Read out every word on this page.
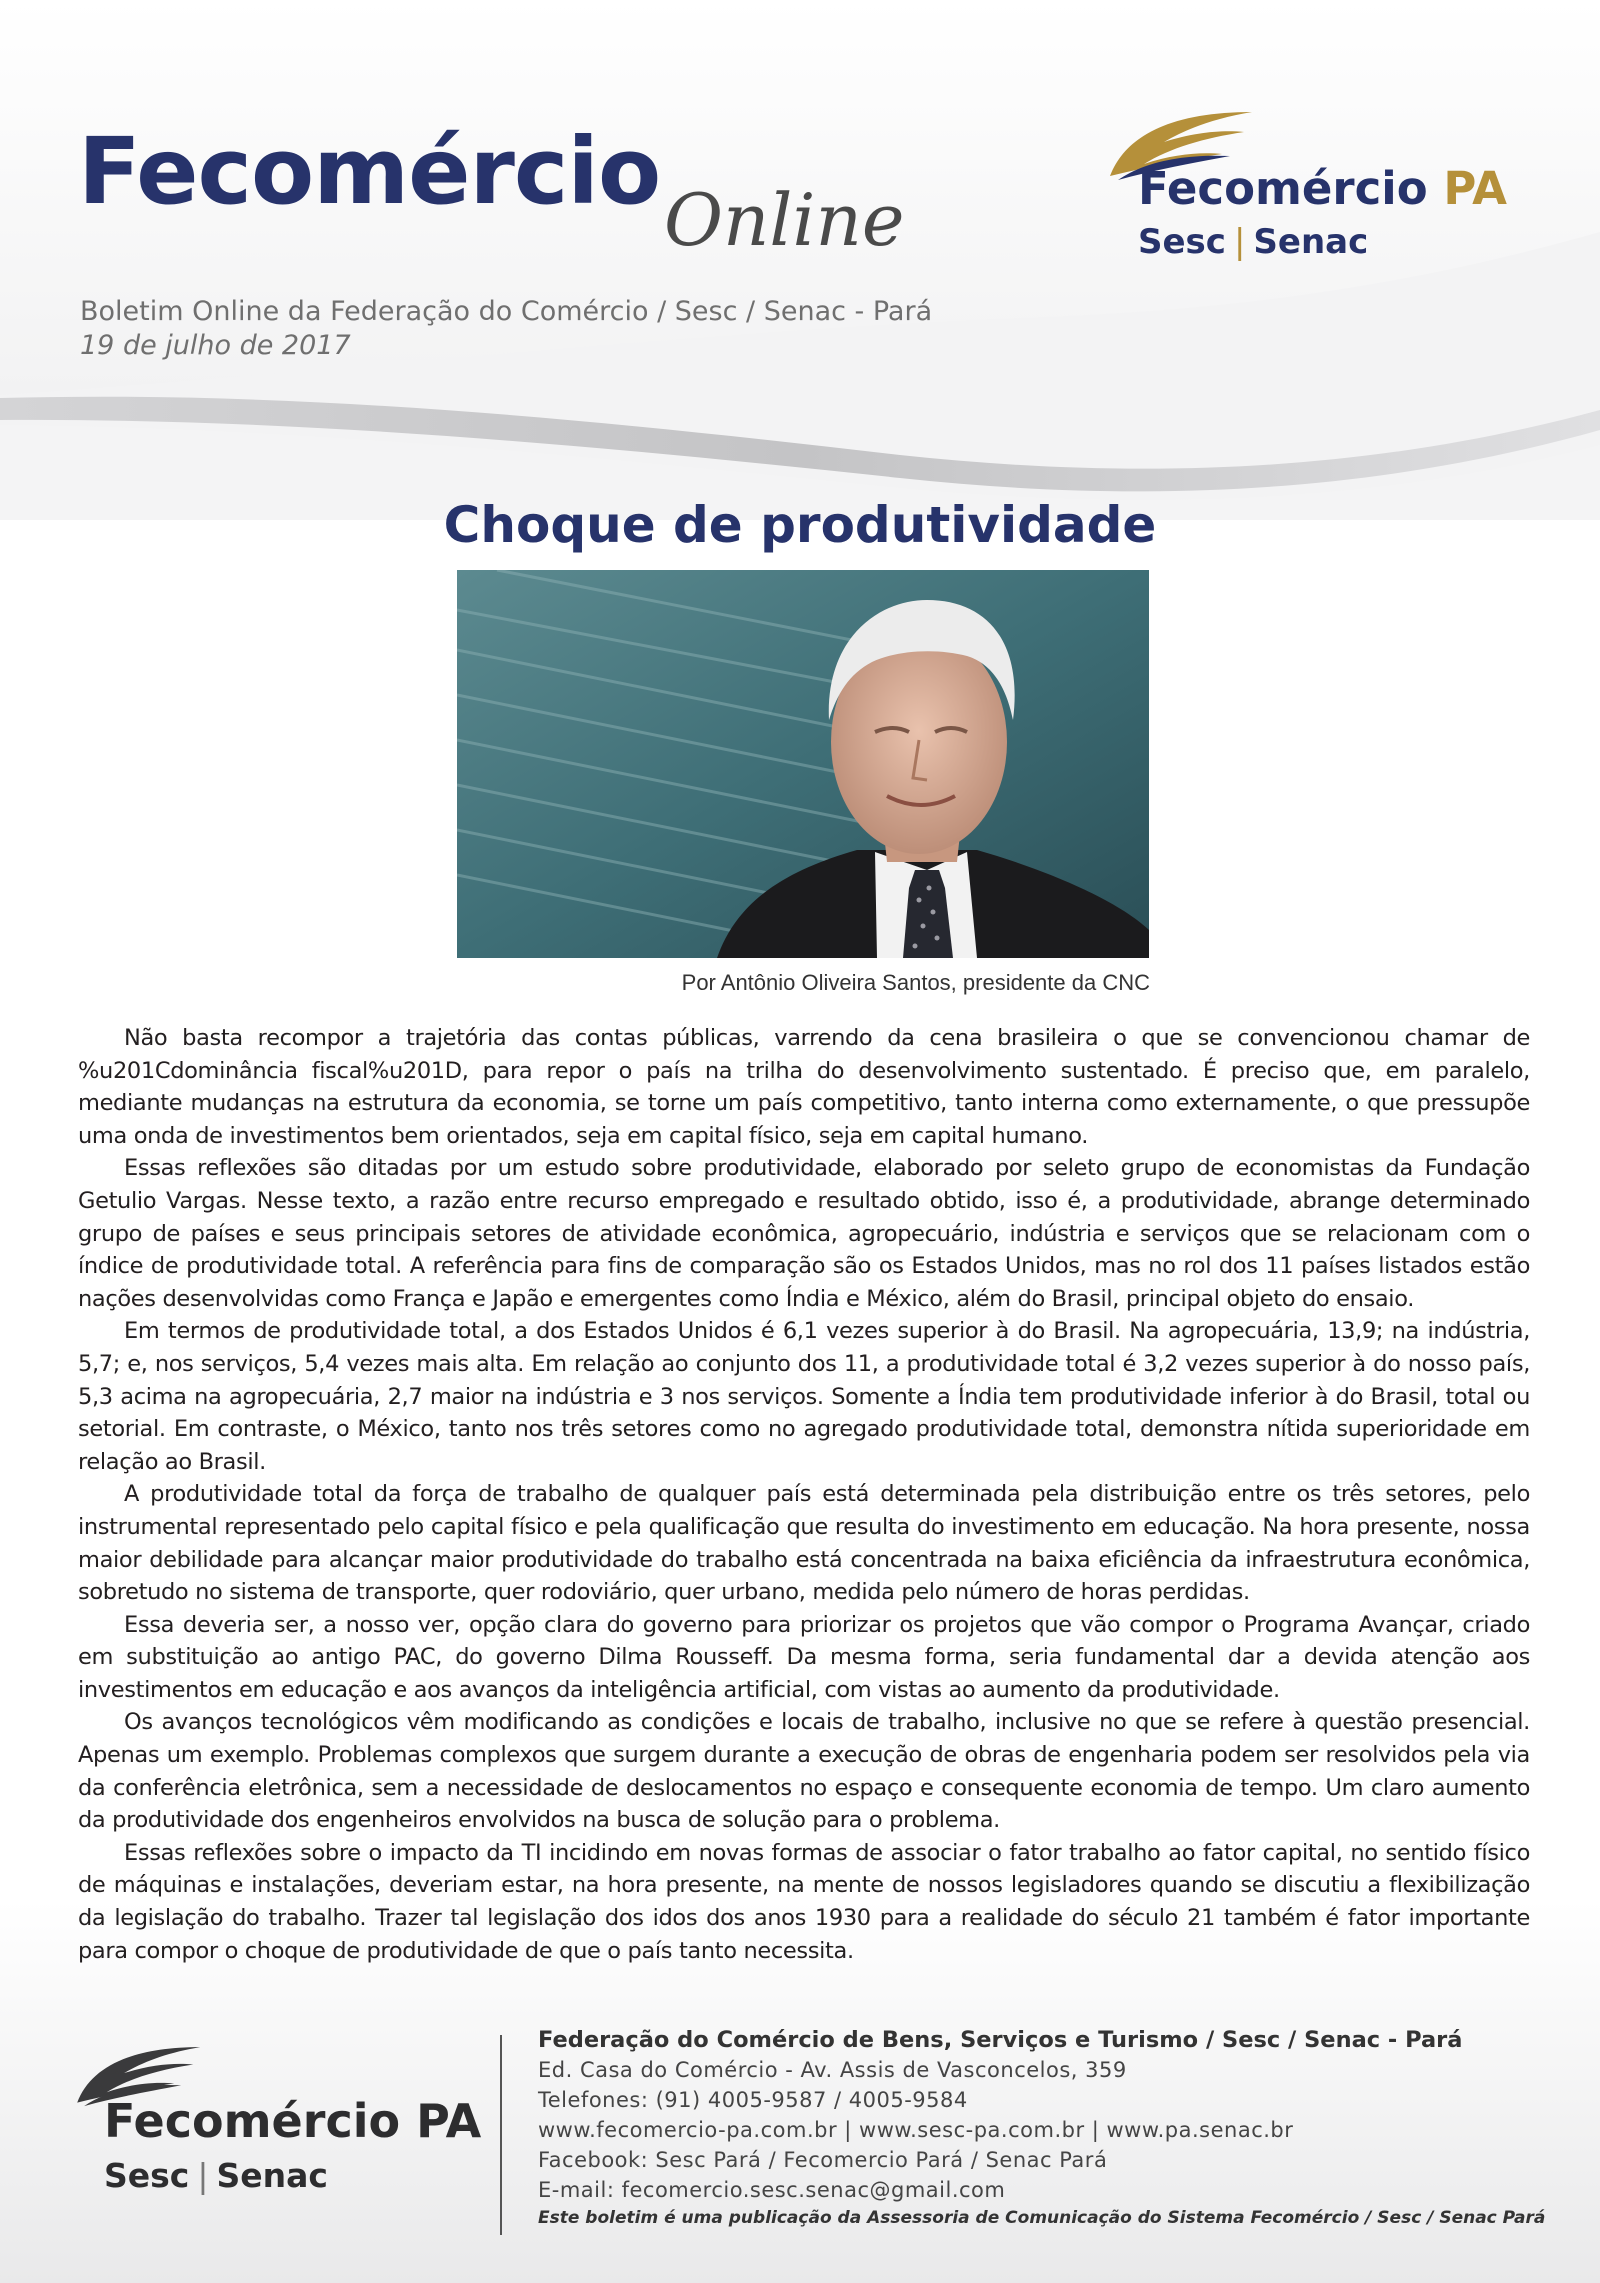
Fecomércio Online
Boletim Online da Federação do Comércio / Sesc / Senac - Pará
19 de julho de 2017
Fecomércio PA
Sesc | Senac
Choque de produtividade
Por Antônio Oliveira Santos, presidente da CNC

Não basta recompor a trajetória das contas públicas, varrendo da cena brasileira o que se convencionou chamar de %u201Cdominância fiscal%u201D, para repor o país na trilha do desenvolvimento sustentado. É preciso que, em paralelo, mediante mudanças na estrutura da economia, se torne um país competitivo, tanto interna como externamente, o que pressupõe uma onda de investimentos bem orientados, seja em capital físico, seja em capital humano.

Essas reflexões são ditadas por um estudo sobre produtividade, elaborado por seleto grupo de economistas da Fundação Getulio Vargas. Nesse texto, a razão entre recurso empregado e resultado obtido, isso é, a produtividade, abrange determinado grupo de países e seus principais setores de atividade econômica, agropecuário, indústria e serviços que se relacionam com o índice de produtividade total. A referência para fins de comparação são os Estados Unidos, mas no rol dos 11 países listados estão nações desenvolvidas como França e Japão e emergentes como Índia e México, além do Brasil, principal objeto do ensaio.

Em termos de produtividade total, a dos Estados Unidos é 6,1 vezes superior à do Brasil. Na agropecuária, 13,9; na indústria, 5,7; e, nos serviços, 5,4 vezes mais alta. Em relação ao conjunto dos 11, a produtividade total é 3,2 vezes superior à do nosso país, 5,3 acima na agropecuária, 2,7 maior na indústria e 3 nos serviços. Somente a Índia tem produtividade inferior à do Brasil, total ou setorial. Em contraste, o México, tanto nos três setores como no agregado produtividade total, demonstra nítida superioridade em relação ao Brasil.

A produtividade total da força de trabalho de qualquer país está determinada pela distribuição entre os três setores, pelo instrumental representado pelo capital físico e pela qualificação que resulta do investimento em educação. Na hora presente, nossa maior debilidade para alcançar maior produtividade do trabalho está concentrada na baixa eficiência da infraestrutura econômica, sobretudo no sistema de transporte, quer rodoviário, quer urbano, medida pelo número de horas perdidas.

Essa deveria ser, a nosso ver, opção clara do governo para priorizar os projetos que vão compor o Programa Avançar, criado em substituição ao antigo PAC, do governo Dilma Rousseff. Da mesma forma, seria fundamental dar a devida atenção aos investimentos em educação e aos avanços da inteligência artificial, com vistas ao aumento da produtividade.

Os avanços tecnológicos vêm modificando as condições e locais de trabalho, inclusive no que se refere à questão presencial. Apenas um exemplo. Problemas complexos que surgem durante a execução de obras de engenharia podem ser resolvidos pela via da conferência eletrônica, sem a necessidade de deslocamentos no espaço e consequente economia de tempo. Um claro aumento da produtividade dos engenheiros envolvidos na busca de solução para o problema.

Essas reflexões sobre o impacto da TI incidindo em novas formas de associar o fator trabalho ao fator capital, no sentido físico de máquinas e instalações, deveriam estar, na hora presente, na mente de nossos legisladores quando se discutiu a flexibilização da legislação do trabalho. Trazer tal legislação dos idos dos anos 1930 para a realidade do século 21 também é fator importante para compor o choque de produtividade de que o país tanto necessita.

Fecomércio PA
Sesc | Senac
Federação do Comércio de Bens, Serviços e Turismo / Sesc / Senac - Pará
Ed. Casa do Comércio - Av. Assis de Vasconcelos, 359
Telefones: (91) 4005-9587 / 4005-9584
www.fecomercio-pa.com.br | www.sesc-pa.com.br | www.pa.senac.br
Facebook: Sesc Pará / Fecomercio Pará / Senac Pará
E-mail: fecomercio.sesc.senac@gmail.com
Este boletim é uma publicação da Assessoria de Comunicação do Sistema Fecomércio / Sesc / Senac Pará
